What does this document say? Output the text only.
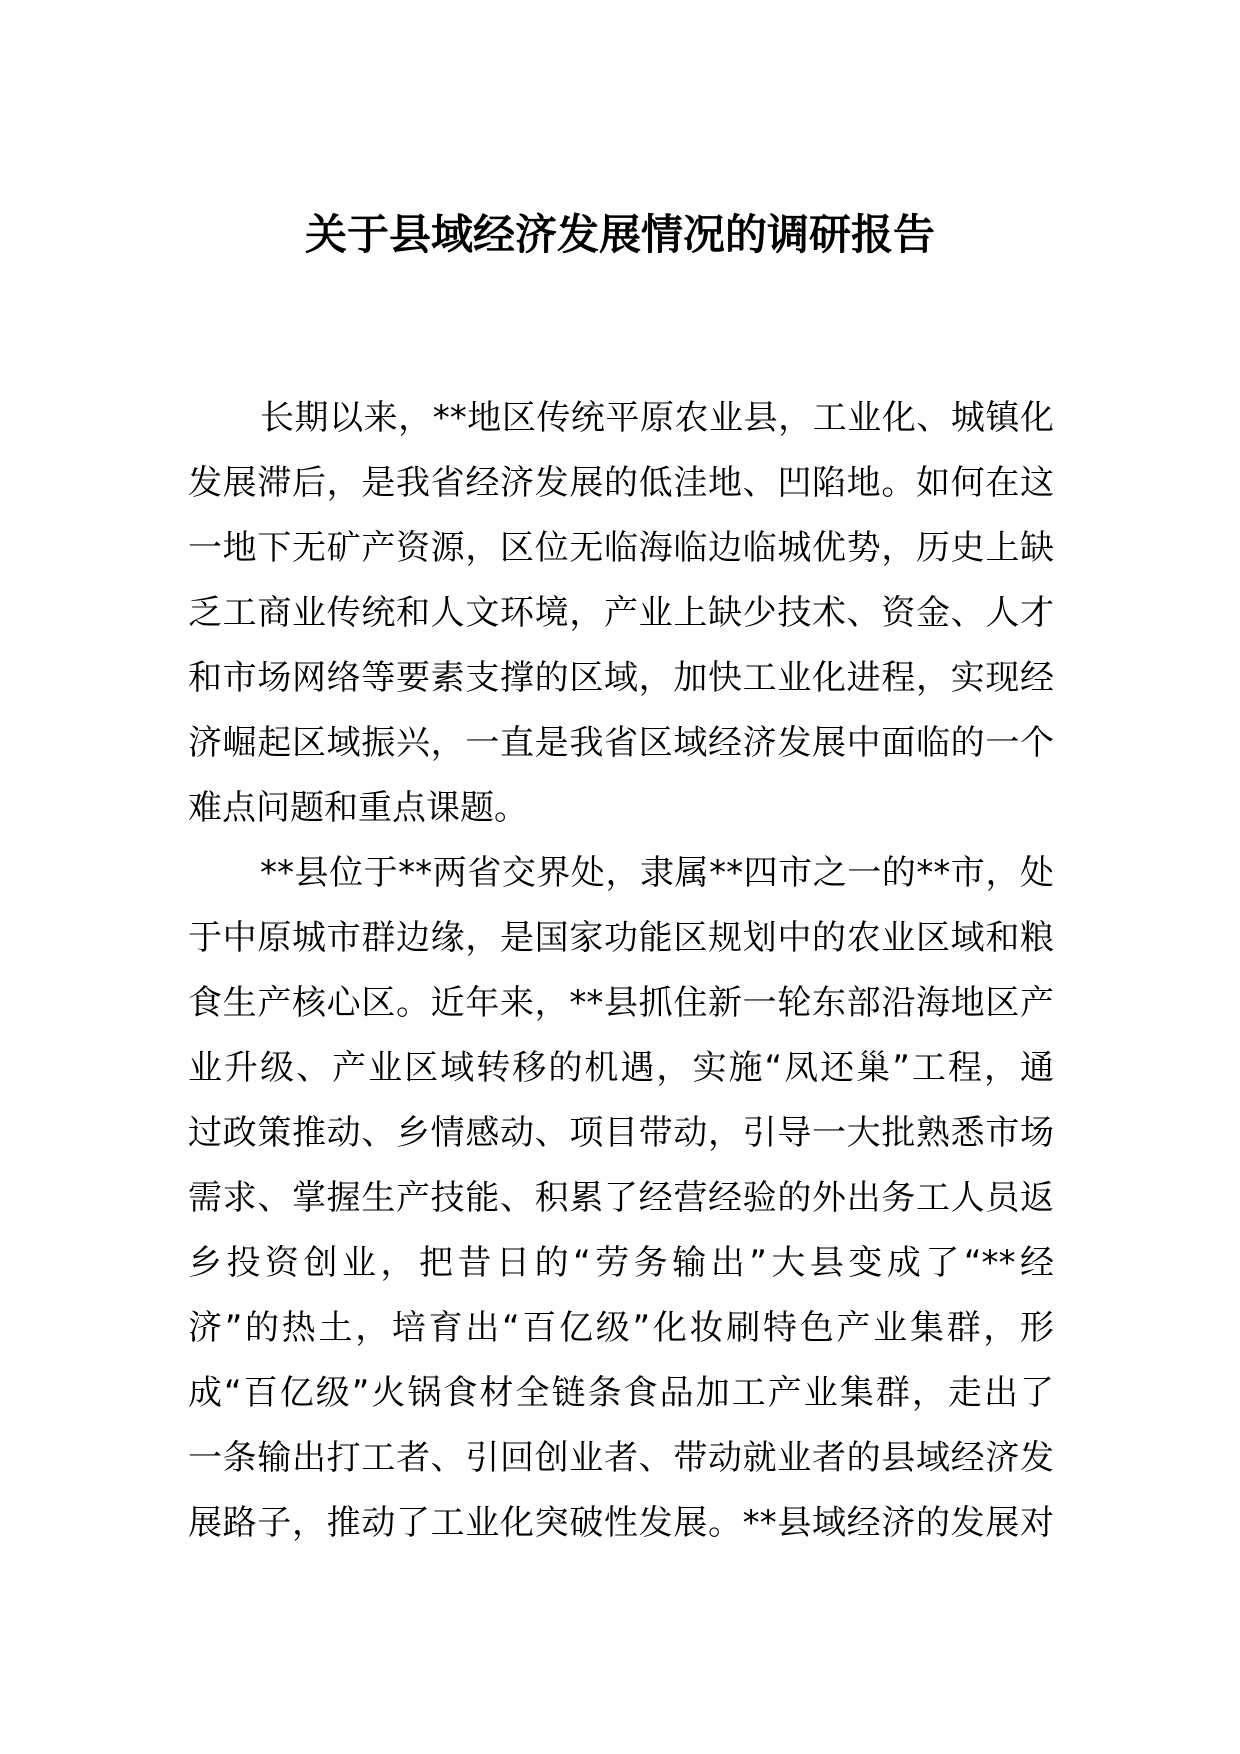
关于县域经济发展情况的调研报告
长期以来，**地区传统平原农业县，工业化、城镇化
发展滞后，是我省经济发展的低洼地、凹陷地。如何在这
一地下无矿产资源，区位无临海临边临城优势，历史上缺
乏工商业传统和人文环境，产业上缺少技术、资金、人才
和市场网络等要素支撑的区域，加快工业化进程，实现经
济崛起区域振兴，一直是我省区域经济发展中面临的一个
难点问题和重点课题。
**县位于**两省交界处，隶属**四市之一的**市，处
于中原城市群边缘，是国家功能区规划中的农业区域和粮
食生产核心区。近年来，**县抓住新一轮东部沿海地区产
业升级、产业区域转移的机遇，实施“凤还巢”工程，通
过政策推动、乡情感动、项目带动，引导一大批熟悉市场
需求、掌握生产技能、积累了经营经验的外出务工人员返
乡投资创业，把昔日的“劳务输出”大县变成了“**经
济”的热土，培育出“百亿级”化妆刷特色产业集群，形
成“百亿级”火锅食材全链条食品加工产业集群，走出了
一条输出打工者、引回创业者、带动就业者的县域经济发
展路子，推动了工业化突破性发展。**县域经济的发展对
